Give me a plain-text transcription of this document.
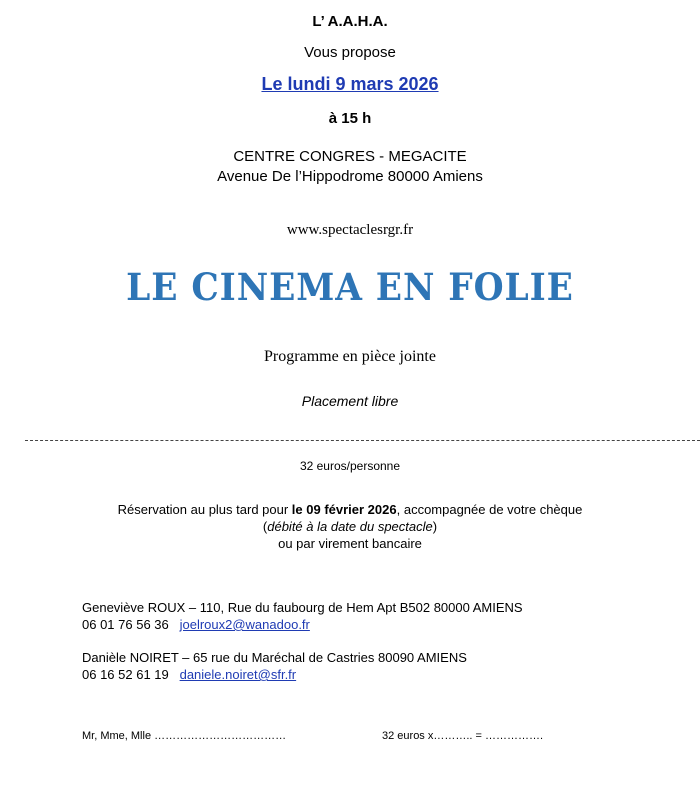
L’ A.A.H.A.
Vous propose
Le lundi 9 mars 2026
à 15 h
CENTRE CONGRES - MEGACITE
Avenue De l’Hippodrome 80000 Amiens
www.spectaclesrgr.fr
LE CINEMA EN FOLIE
Programme en pièce jointe
Placement libre
32 euros/personne
Réservation au plus tard pour le 09 février 2026, accompagnée de votre chèque
(débité à la date du spectacle)
ou par virement bancaire
Geneviève ROUX – 110, Rue du faubourg de Hem Apt B502 80000 AMIENS
06 01 76 56 36 joelroux2@wanadoo.fr
Danièle NOIRET – 65 rue du Maréchal de Castries 80090 AMIENS
06 16 52 61 19 daniele.noiret@sfr.fr
Mr, Mme, Mlle ………………………………	32 euros x……….. = …………….
